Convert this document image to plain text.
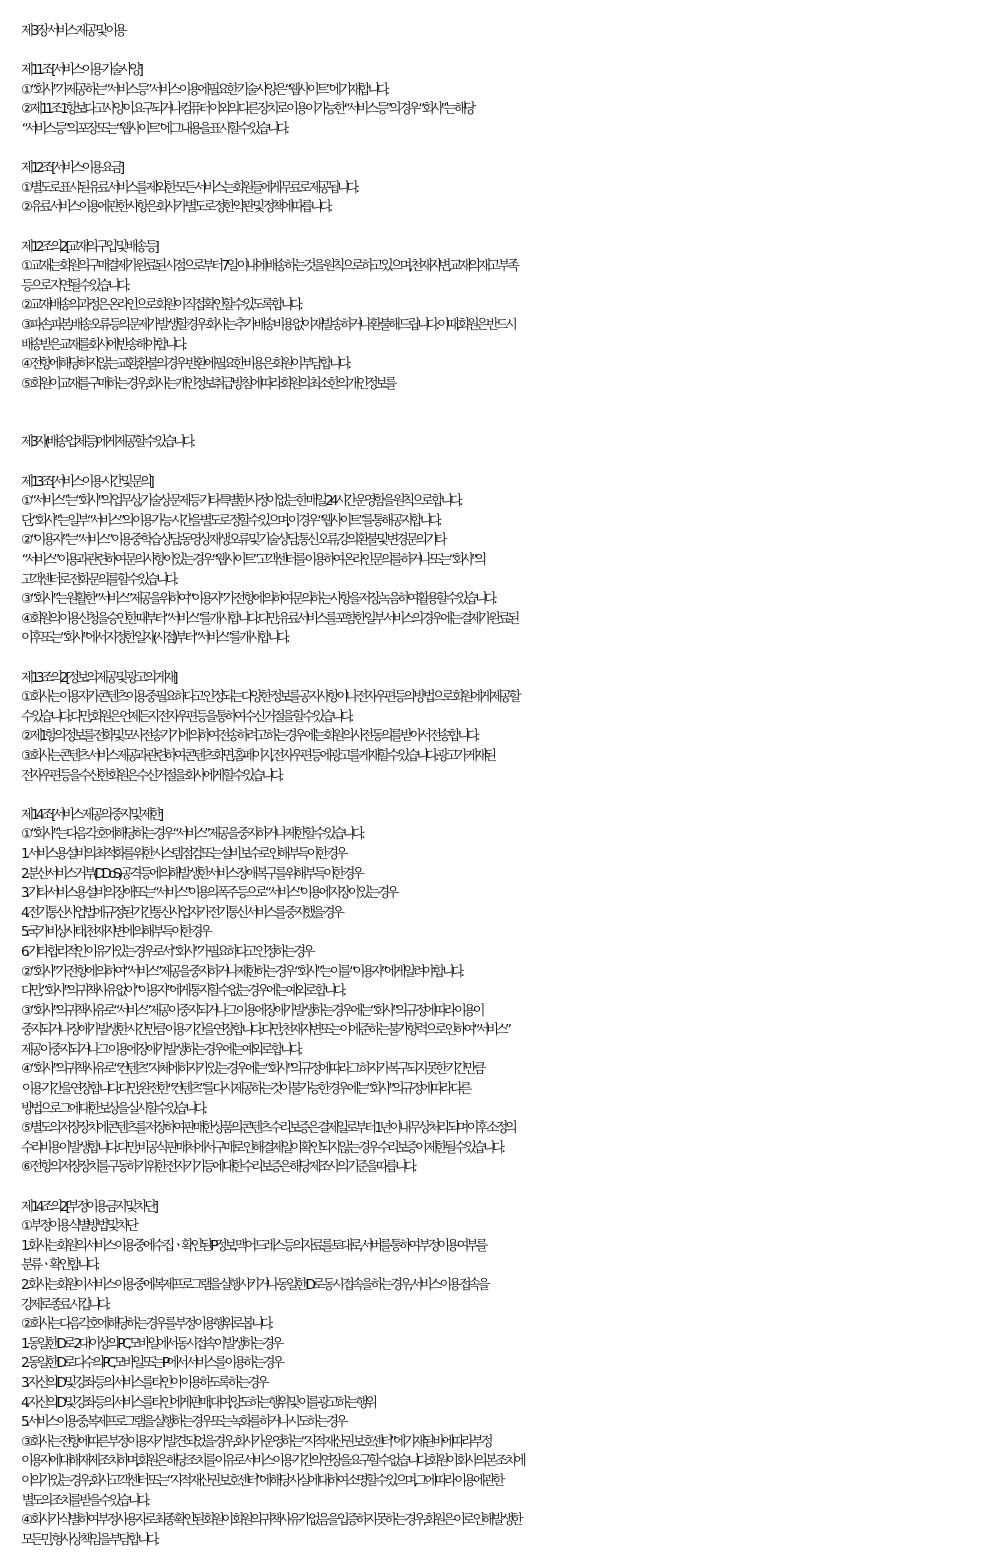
제 3 장 서비스 제공 및 이용
제 11조 [서비스 이용 기술사양]
① “회사”가 제공하는 “서비스 등” 서비스 이용에 필요한 기술 사양은 “웹사이트”에 기재합니다.
② 제 11조 1항보다 고사양이 요구되거나 컴퓨터 이외의 다른 장치로 이용이 가능한 “서비스 등”의 경우 “회사”는 해당
“서비스 등”의 포장 또는 “웹사이트”에 그 내용을 표시할 수 있습니다.
제 12조 [서비스 이용 요금]
① 별도로 표시된 유료 서비스를 제외한 모든 서비스는 회원들에게 무료로 제공됩니다.
② 유료 서비스 이용에 관한 사항은 회사가 별도로 정한 약관 및 정책에 따릅니다.
제 12조의2 [교재의 구입 및 배송 등]
① 교재는 회원의 구매결제가 완료된 시점으로부터 7일 이내에 배송하는 것을 원칙으로 하고 있으며, 천재지변, 교재의 재고 부족
등으로 지연될 수 있습니다.
② 교재 배송의 과정은 온라인으로 회원이 직접 확인할 수 있도록 합니다.
③ 파손, 파본, 배송오류 등의 문제가 발생할 경우 회사는 추가 배송비용 없이 재 발송하거나 환불해 드립니다. 이때, 회원은 반드시
배송받은 교재를 회사에 반송해야 합니다.
④ 전항에 해당하지 않는 교환, 환불의 경우 반환에 필요한 비용은 회원이 부담합니다.
⑤ 회원이 교재를 구매하는 경우, 회사는 개인정보취급방침에 따라 회원의 최소한의 개인정보를
제3자(배송업체 등)에게 제공할 수 있습니다.
제 13조 [서비스 이용 시간 및 문의]
① “서비스”는 “회사”의 업무상, 기술상 문제 등 기타 특별한 사정이 없는 한 매일 24시간 운영함을 원칙으로 합니다.
단, “회사”는 일부 “서비스”의 이용 가능 시간을 별도로 정할 수 있으며, 이 경우 “웹사이트”를 통해 공지합니다.
② “이용자”는 “서비스” 이용 중 학습 상담, 동영상 재생 오류 및 기술 상담, 통신 오류, 강의 환불 및 변경 문의 기타
“서비스” 이용과 관련하여 문의 사항이 있는 경우 “웹사이트” 고객센터를 이용하여 온라인 문의를 하거나 또는 “회사”의
고객센터로 전화 문의를 할 수 있습니다.
③ “회사”는 원활한 “서비스” 제공을 위하여 “이용자”가 전 항에 의하여 문의하는 사항을 저장, 녹음하여 활용할 수 있습니다.
④ 회원의 이용신청을 승인한 때부터 “서비스”를 개시합니다. 다만, 유료서비스를 포함한 일부 서비스의 경우에는 결제가 완료된
이후 또는 “회사”에서 지정한 일자(시점)부터 “서비스”를 개시합니다.
제 13조의2 [정보의 제공 및 광고의 게재]
① 회사는 이용자가 콘텐츠이용 중 필요하다고 인정되는 다양한 정보를 공지사항이나 전자우편 등의 방법으로 회원에게 제공할
수 있습니다. 다만, 회원은 언제든지 전자우편 등을 통하여 수신 거절을 할 수 있습니다.
② 제1항의 정보를 전화 및 모사전송기기에 의하여 전송하려고 하는 경우에는 회원의 사전 동의를 받아서 전송합니다.
③ 회사는 콘텐츠 서비스 제공과 관련하여 콘텐츠 화면, 홈페이지, 전자우편 등에 광고를 게재할 수 있습니다. 광고가 게재된
전자우편 등을 수신한 회원은 수신거절을 회사에게 할 수 있습니다.
제 14조 [서비스 제공의 중지 및 제한]
① “회사”는 다음 각 호에 해당하는 경우 “서비스” 제공을 중지하거나 제한할 수 있습니다.
1. 서비스용 설비의 최적화를 위한 시스템 점검 또는 설비 보수로 인해 부득이한 경우
2. 분산서비스거부(DDoS) 공격 등에 의해 발생한 서비스 장애 복구를 위해 부득이한 경우
3. 기타 서비스용 설비의 장애 또는 “서비스”이용의 폭주 등으로 “서비스”이용에 지장이 있는 경우
4. 전기통신사업법에 규정된 기간통신사업자가 전기통신 서비스를 중지했을 경우
5. 국가비상사태, 천재지변에 의해 부득이한 경우
6. 기타 합리적인 이유가 있는 경우로서 “회사”가 필요하다고 인정하는 경우
② “회사”가 전 항에 의하여 “서비스” 제공을 중지하거나 제한하는 경우 “회사”는 이를 “이용자”에게 알려야 합니다.
다만, “회사”의 귀책사유 없이 “이용자”에게 통지할 수 없는 경우에는 예외로 합니다.
③ “회사”의 귀책사유로 “서비스” 제공이 중지되거나 그 이용에 장애가 발생하는 경우에는 “회사”의 규정에 따라 이용이
중지되거나 장애가 발생한 시간만큼 이용 기간을 연장합니다. 다만, 천재지변 또는 이에 준하는 불가항력으로 인하여 “서비스”
제공이 중지되거나 그 이용에 장애가 발생하는 경우에는 예외로 합니다.
④ “회사”의 귀책사유로 “컨텐츠” 자체에 하자가 있는 경우에는 “회사”의 규정에 따라 그 하자가 복구되지 못한 기간만큼
이용 기간을 연장합니다. 다만, 완전한 “컨텐츠”를 다시 제공하는 것이 불가능한 경우에는 “회사”의 규정에 따라 다른
방법으로 그에 대한 보상을 실시할 수 있습니다.
⑤ 별도의 저장장치에 콘텐츠를 저장하여 판매한 상품의 콘텐츠 수리보증은 결제일로부터 1년 이내 무상처리 되며 이후 소정의
수리비용이 발생합니다. 다만, 비공식 판매처에서 구매로 인해 결제일이 확인되지 않는 경우 수리보증이 제한될 수 있습니다.
⑥ 전 항의 저장장치를 구동하기 위한 전자기기등에 대한 수리보증은 해당 제조사의 기준을 따릅니다.
제 14조의2 [부정이용 금지 및 차단]
① 부정이용 식별방법 및 차단
1. 회사는 회원의 서비스 이용 중에 수집ㆍ확인된 IP정보, 맥어드레스 등의 자료를 토대로, 서버를 통하여 부정이용 여부를
분류ㆍ확인합니다.
2. 회사는 회원이 서비스 이용 중에 복제프로그램을 실행시키거나 동일한 ID로 동시 접속을 하는 경우, 서비스 이용 접속을
강제로 종료 시킵니다.
② 회사는 다음 각호에 해당하는 경우를 부정 이용행위로 봅니다.
1. 동일한 ID로 2대 이상의 PC,모바일에서 동시접속이 발생하는 경우
2. 동일한 ID로 다수의 PC,모바일 또는 IP에서 서비스를 이용하는 경우
3. 자신의 ID 및 강좌 등의 서비스를 타인이 이용하도록 하는 경우
4. 자신의 ID 및 강좌 등의 서비스를 타인에게 판매, 대여, 양도하는 행위 및 이를 광고하는 행위
5. 서비스 이용 중, 복제프로그램을 실행하는 경우 또는 녹화를 하거나 시도하는 경우
③ 회사는 전항에 따른 부정 이용자가 발견 되었을 경우, 회사가 운영하는 “지적 재산권 보호센터”에 기재된 바에 따라 부정
이용자에 대해 재제 조치하며, 회원은 해당 조치를 이유로 서비스 이용 기간의 연장을 요구할 수 없습니다. 회원이 회사의 본 조치에
이의가 있는 경우, 회사 고객센터 또는 “지적 재산권 보호센터”에 해당 사실에 대하여 소명할 수 있으며, 그에 따라 이용에 관한
별도의 조치를 받을 수 있습니다.
④ 회사가 식별하여 부정사용자로 최종 확인된 회원이 회원의 귀책사유가 없음을 입증하지 못하는 경우, 회원은 이로 인해 발생한
모든 민, 형사상 책임을 부담합니다.
